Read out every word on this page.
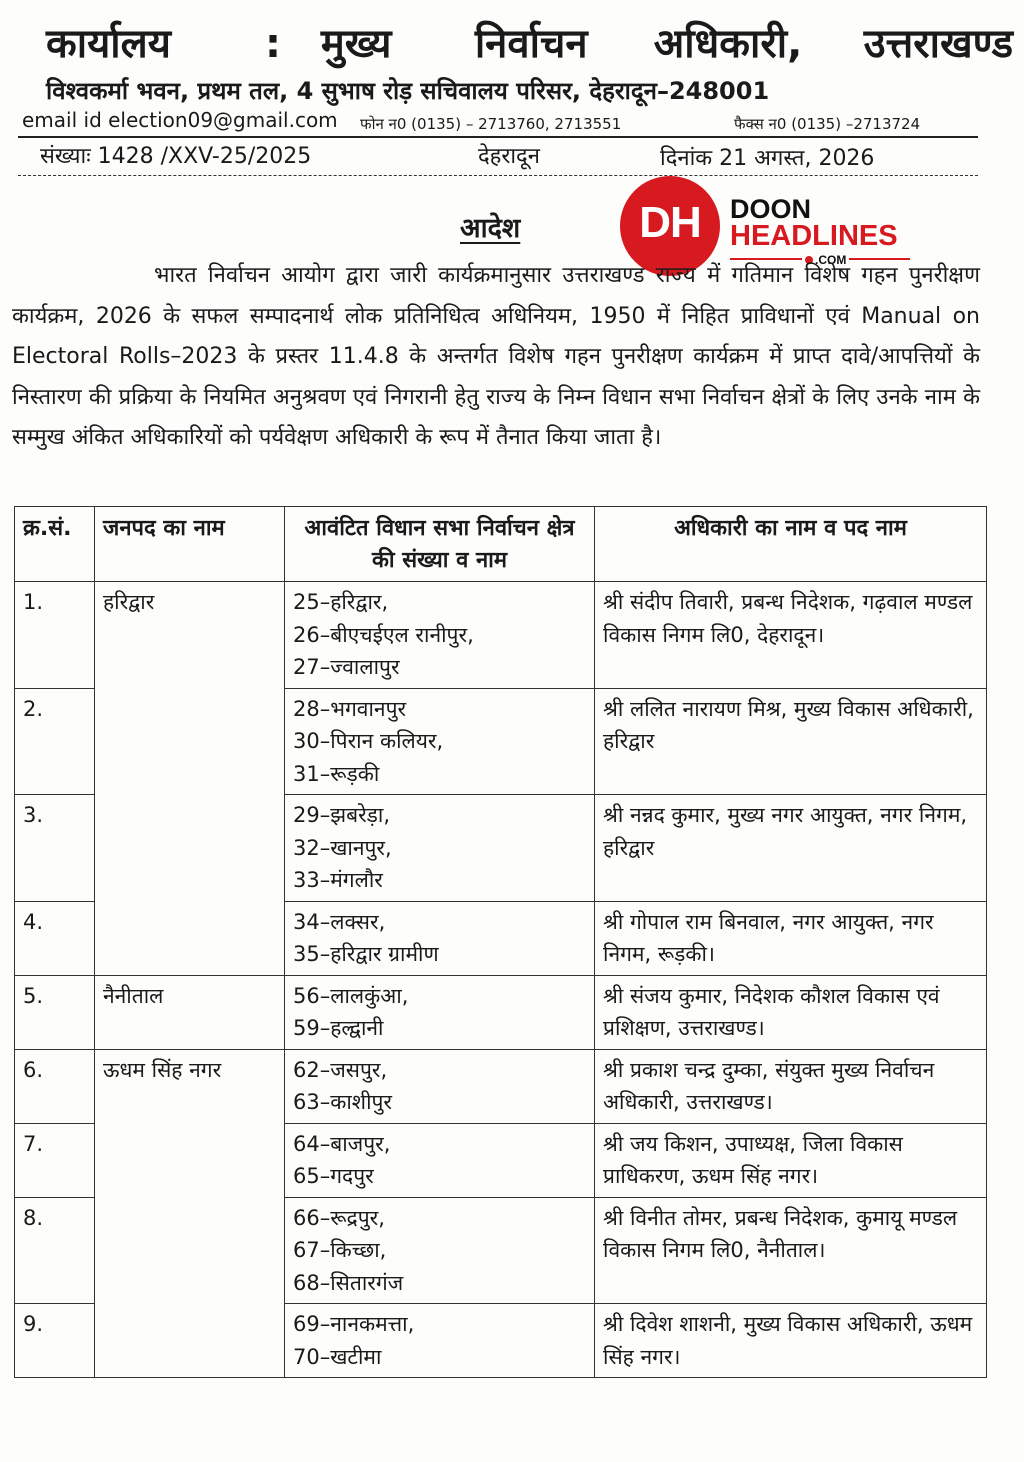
कार्यालय : मुख्य निर्वाचन अधिकारी, उत्तराखण्ड
विश्वकर्मा भवन, प्रथम तल, 4 सुभाष रोड़ सचिवालय परिसर, देहरादून–248001
email id election09@gmail.com फोन न0 (0135) – 2713760, 2713551	फैक्स न0 (0135) –2713724
संख्याः 1428 /XXV-25/2025	देहरादून	दिनांक 21 अगस्त, 2026
आदेश	DH	DOON
HEADLINES
.COM
भारत निर्वाचन आयोग द्वारा जारी कार्यक्रमानुसार उत्तराखण्ड राज्य में गतिमान विशेष गहन पुनरीक्षण कार्यक्रम, 2026 के सफल सम्पादनार्थ लोक प्रतिनिधित्व अधिनियम, 1950 में निहित प्राविधानों एवं Manual on Electoral Rolls–2023 के प्रस्तर 11.4.8 के अन्तर्गत विशेष गहन पुनरीक्षण कार्यक्रम में प्राप्त दावे/आपत्तियों के निस्तारण की प्रक्रिया के नियमित अनुश्रवण एवं निगरानी हेतु राज्य के निम्न विधान सभा निर्वाचन क्षेत्रों के लिए उनके नाम के सम्मुख अंकित अधिकारियों को पर्यवेक्षण अधिकारी के रूप में तैनात किया जाता है।
क्र.सं.	जनपद का नाम	आवंटित विधान सभा निर्वाचन क्षेत्र की संख्या व नाम	अधिकारी का नाम व पद नाम
1.	हरिद्वार	25–हरिद्वार,
26–बीएचईएल रानीपुर,
27–ज्वालापुर	श्री संदीप तिवारी, प्रबन्ध निदेशक, गढ़वाल मण्डल विकास निगम लि0, देहरादून।
2.		28–भगवानपुर
30–पिरान कलियर,
31–रूड़की	श्री ललित नारायण मिश्र, मुख्य विकास अधिकारी, हरिद्वार
3.		29–झबरेड़ा,
32–खानपुर,
33–मंगलौर	श्री नन्नद कुमार, मुख्य नगर आयुक्त, नगर निगम, हरिद्वार
4.		34–लक्सर,
35–हरिद्वार ग्रामीण	श्री गोपाल राम बिनवाल, नगर आयुक्त, नगर निगम, रूड़की।
5.	नैनीताल	56–लालकुंआ,
59–हल्द्वानी	श्री संजय कुमार, निदेशक कौशल विकास एवं प्रशिक्षण, उत्तराखण्ड।
6.	ऊधम सिंह नगर	62–जसपुर,
63–काशीपुर	श्री प्रकाश चन्द्र दुम्का, संयुक्त मुख्य निर्वाचन अधिकारी, उत्तराखण्ड।
7.		64–बाजपुर,
65–गदपुर	श्री जय किशन, उपाध्यक्ष, जिला विकास प्राधिकरण, ऊधम सिंह नगर।
8.		66–रूद्रपुर,
67–किच्छा,
68–सितारगंज	श्री विनीत तोमर, प्रबन्ध निदेशक, कुमायू मण्डल विकास निगम लि0, नैनीताल।
9.		69–नानकमत्ता,
70–खटीमा	श्री दिवेश शाशनी, मुख्य विकास अधिकारी, ऊधम सिंह नगर।
